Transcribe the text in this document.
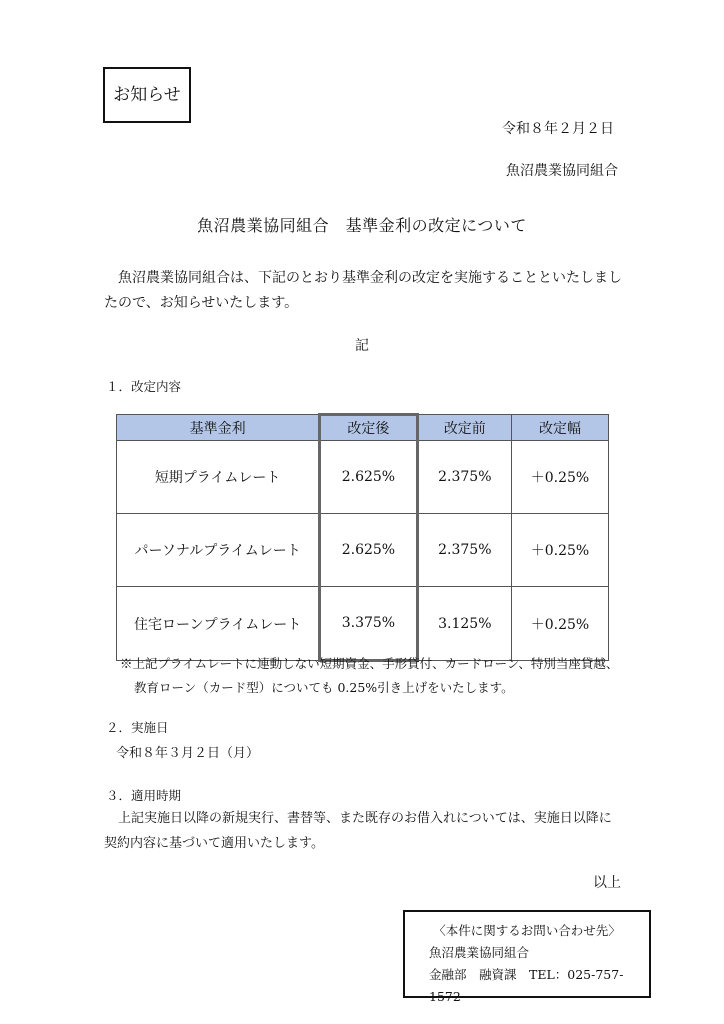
お知らせ
令和８年２月２日
魚沼農業協同組合
魚沼農業協同組合　基準金利の改定について
魚沼農業協同組合は、下記のとおり基準金利の改定を実施することといたしましたので、お知らせいたします。
記
１．改定内容
基準金利	改定後	改定前	改定幅
短期プライムレート	2.625%	2.375%	＋0.25%
パーソナルプライムレート	2.625%	2.375%	＋0.25%
住宅ローンプライムレート	3.375%	3.125%	＋0.25%
※上記プライムレートに連動しない短期資金、手形貸付、カードローン、特別当座貸越、
教育ローン（カード型）についても 0.25%引き上げをいたします。
２．実施日
令和８年３月２日（月）
３．適用時期
上記実施日以降の新規実行、書替等、また既存のお借入れについては、実施日以降に
契約内容に基づいて適用いたします。
以上
〈本件に関するお問い合わせ先〉
魚沼農業協同組合
金融部　融資課　TEL：025-757-1572
